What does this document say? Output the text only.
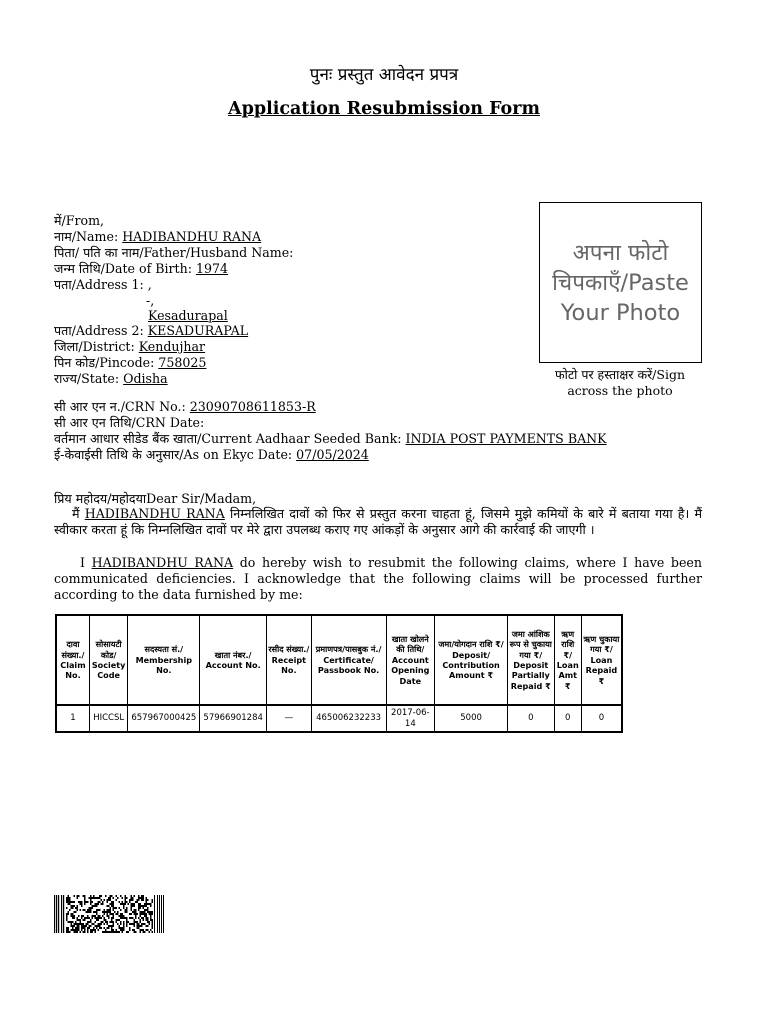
पुनः प्रस्तुत आवेदन प्रपत्र
Application Resubmission Form
में/From,
नाम/Name: HADIBANDHU RANA
पिता/ पति का नाम/Father/Husband Name:
जन्म तिथि/Date of Birth: 1974
पता/Address 1: ,
-,
Kesadurapal
पता/Address 2: KESADURAPAL
जिला/District: Kendujhar
पिन कोड/Pincode: 758025
राज्य/State: Odisha
अपना फोटो
चिपकाएँ/Paste
Your Photo
फोटो पर हस्ताक्षर करें/Sign
across the photo
सी आर एन न./CRN No.: 23090708611853-R
सी आर एन तिथि/CRN Date:
वर्तमान आधार सीडेड बैंक खाता/Current Aadhaar Seeded Bank: INDIA POST PAYMENTS BANK
ई-केवाईसी तिथि के अनुसार/As on Ekyc Date: 07/05/2024
प्रिय महोदय/महोदयाDear Sir/Madam,
मैं HADIBANDHU RANA निम्नलिखित दावों को फिर से प्रस्तुत करना चाहता हूं, जिसमे मुझे कमियों के बारे में बताया गया है। मैं स्वीकार करता हूं कि निम्नलिखित दावों पर मेरे द्वारा उपलब्ध कराए गए आंकड़ों के अनुसार आगे की कार्रवाई की जाएगी ।
I HADIBANDHU RANA do hereby wish to resubmit the following claims, where I have been communicated deficiencies. I acknowledge that the following claims will be processed further according to the data furnished by me:
दावा संख्या./ Claim No.	सोसायटी कोड/ Society Code	सदस्यता सं./ Membership No.	खाता नंबर./ Account No.	रसीद संख्या./ Receipt No.	प्रमाणपत्र/पासबुक नं./ Certificate/ Passbook No.	खाता खोलने की तिथि/ Account Opening Date	जमा/योगदान राशि ₹/ Deposit/ Contribution Amount ₹	जमा आंशिक रूप से चुकाया गया ₹/ Deposit Partially Repaid ₹	ऋण राशि ₹/ Loan Amt ₹	ऋण चुकाया गया ₹/ Loan Repaid ₹
1	HICCSL	657967000425	57966901284	—	465006232233	2017-06-14	5000	0	0	0
